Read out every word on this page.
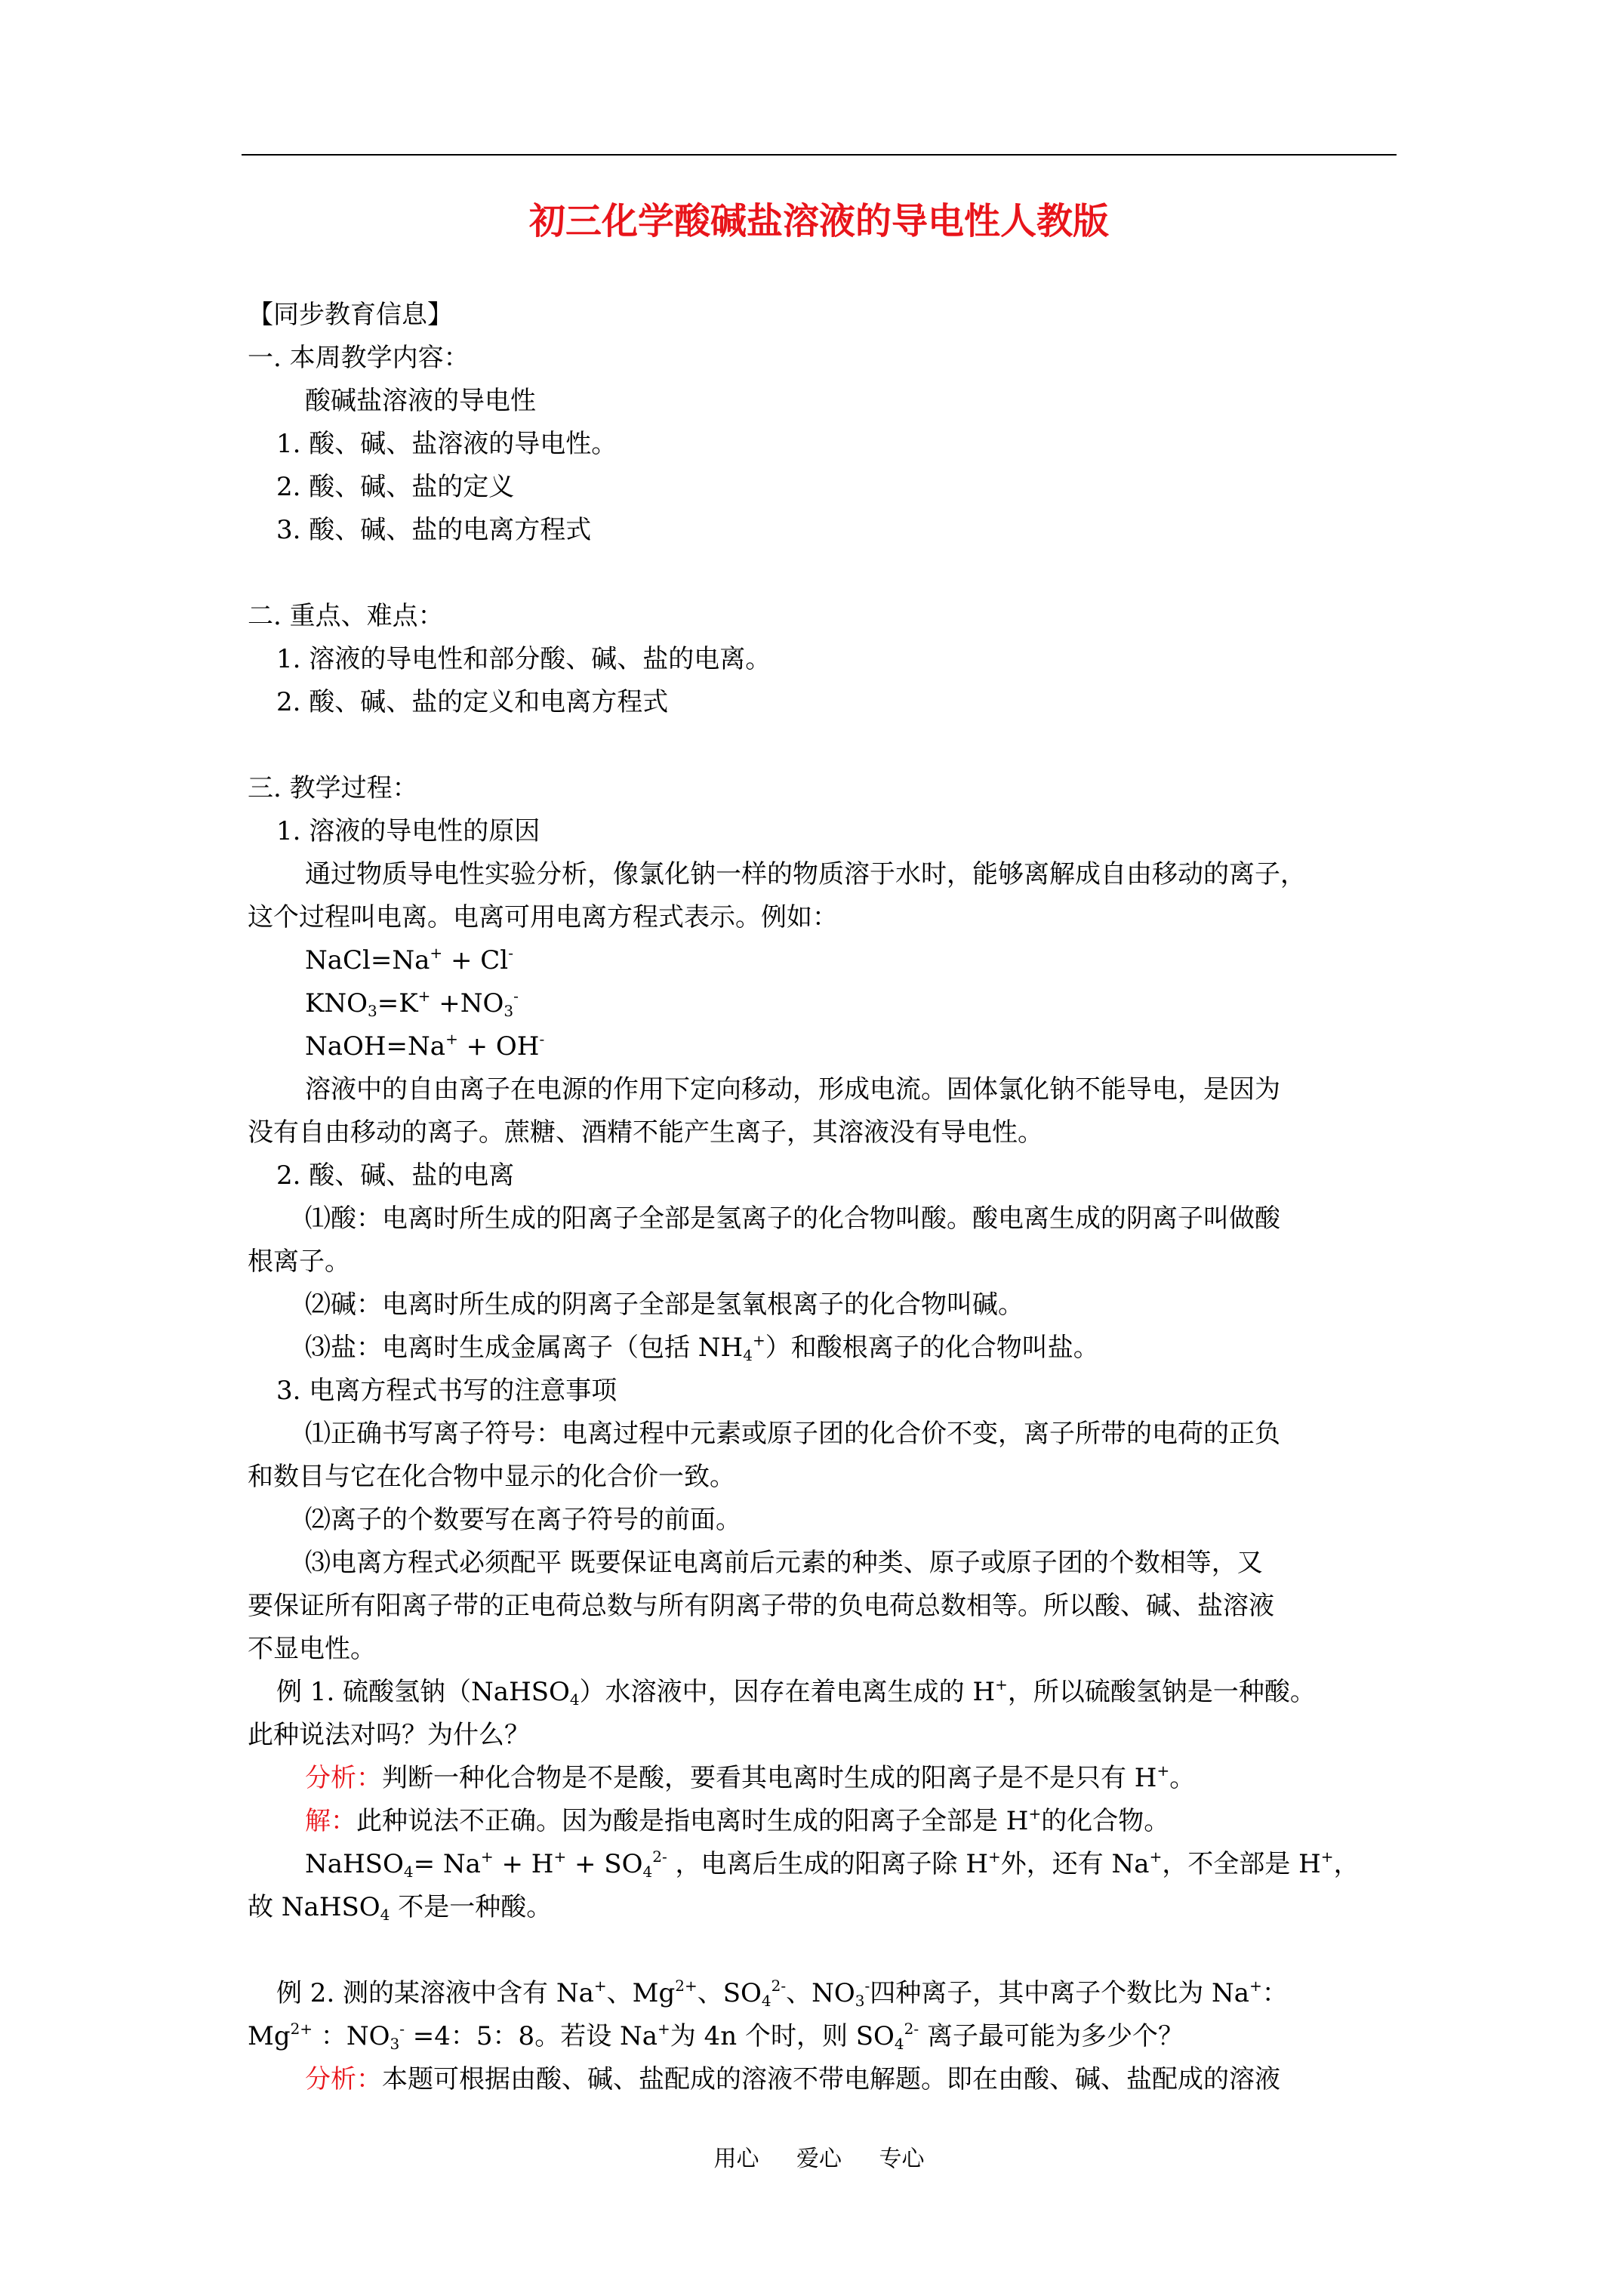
初三化学酸碱盐溶液的导电性人教版
【同步教育信息】
一. 本周教学内容：
酸碱盐溶液的导电性
1. 酸、碱、盐溶液的导电性。
2. 酸、碱、盐的定义
3. 酸、碱、盐的电离方程式
二. 重点、难点：
1. 溶液的导电性和部分酸、碱、盐的电离。
2. 酸、碱、盐的定义和电离方程式
三. 教学过程：
1. 溶液的导电性的原因
通过物质导电性实验分析，像氯化钠一样的物质溶于水时，能够离解成自由移动的离子，
这个过程叫电离。电离可用电离方程式表示。例如：
NaCl=Na+ + Cl-
$KNO_3=K^+ +NO_3^-$
NaOH=Na+ + OH-
溶液中的自由离子在电源的作用下定向移动，形成电流。固体氯化钠不能导电，是因为
没有自由移动的离子。蔗糖、酒精不能产生离子，其溶液没有导电性。
2. 酸、碱、盐的电离
⑴酸：电离时所生成的阳离子全部是氢离子的化合物叫酸。酸电离生成的阴离子叫做酸
根离子。
⑵碱：电离时所生成的阴离子全部是氢氧根离子的化合物叫碱。
⑶盐：电离时生成金属离子（包括 $NH_4^+$）和酸根离子的化合物叫盐。
3. 电离方程式书写的注意事项
⑴正确书写离子符号：电离过程中元素或原子团的化合价不变，离子所带的电荷的正负
和数目与它在化合物中显示的化合价一致。
⑵离子的个数要写在离子符号的前面。
⑶电离方程式必须配平 既要保证电离前后元素的种类、原子或原子团的个数相等，又
要保证所有阳离子带的正电荷总数与所有阴离子带的负电荷总数相等。所以酸、碱、盐溶液
不显电性。
例 1. 硫酸氢钠（NaHSO$_4$）水溶液中，因存在着电离生成的 H+，所以硫酸氢钠是一种酸。
此种说法对吗？为什么？
分析：判断一种化合物是不是酸，要看其电离时生成的阳离子是不是只有 H+。
解：此种说法不正确。因为酸是指电离时生成的阳离子全部是 H+的化合物。
NaHSO$_4$= $Na^+ + H^+ + SO_4^{2-}$ ，电离后生成的阳离子除 H+外，还有 Na+，不全部是 H+，
故 NaHSO$_4$ 不是一种酸。
例 2. 测的某溶液中含有 Na+、$Mg^{2+}$、$SO_4^{2-}$、$NO_3^-$四种离子，其中离子个数比为 Na+：
$Mg^{2+}$ ：$NO_3^- =4$：5：8。若设 Na+为 4n 个时，则 $SO_4^{2-}$ 离子最可能为多少个？
分析：本题可根据由酸、碱、盐配成的溶液不带电解题。即在由酸、碱、盐配成的溶液
用心 爱心 专心
